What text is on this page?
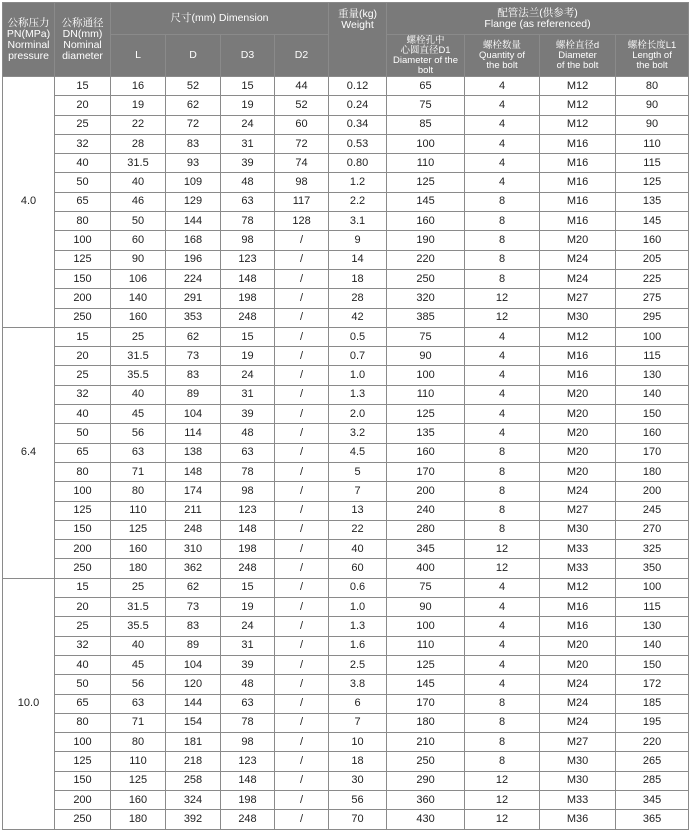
公称压力
PN(MPa)
Norminal
pressure	公称通径
DN(mm)
Nominal
diameter	尺寸(mm) Dimension				重量(kg)
Weight	配管法兰(供参考)
Flange (as referenced)			
		L	D	D3	D2		螺栓孔中
心圆直径D1
Diameter of the bolt	螺栓数量
Quantity of
the bolt	螺栓直径d
Diameter
of the bolt	螺栓长度L1
Length of
the bolt
4.0	15	16	52	15	44	0.12	65	4	M12	80
	20	19	62	19	52	0.24	75	4	M12	90
	25	22	72	24	60	0.34	85	4	M12	90
	32	28	83	31	72	0.53	100	4	M16	110
	40	31.5	93	39	74	0.80	110	4	M16	115
	50	40	109	48	98	1.2	125	4	M16	125
	65	46	129	63	117	2.2	145	8	M16	135
	80	50	144	78	128	3.1	160	8	M16	145
	100	60	168	98	/	9	190	8	M20	160
	125	90	196	123	/	14	220	8	M24	205
	150	106	224	148	/	18	250	8	M24	225
	200	140	291	198	/	28	320	12	M27	275
	250	160	353	248	/	42	385	12	M30	295
6.4	15	25	62	15	/	0.5	75	4	M12	100
	20	31.5	73	19	/	0.7	90	4	M16	115
	25	35.5	83	24	/	1.0	100	4	M16	130
	32	40	89	31	/	1.3	110	4	M20	140
	40	45	104	39	/	2.0	125	4	M20	150
	50	56	114	48	/	3.2	135	4	M20	160
	65	63	138	63	/	4.5	160	8	M20	170
	80	71	148	78	/	5	170	8	M20	180
	100	80	174	98	/	7	200	8	M24	200
	125	110	211	123	/	13	240	8	M27	245
	150	125	248	148	/	22	280	8	M30	270
	200	160	310	198	/	40	345	12	M33	325
	250	180	362	248	/	60	400	12	M33	350
10.0	15	25	62	15	/	0.6	75	4	M12	100
	20	31.5	73	19	/	1.0	90	4	M16	115
	25	35.5	83	24	/	1.3	100	4	M16	130
	32	40	89	31	/	1.6	110	4	M20	140
	40	45	104	39	/	2.5	125	4	M20	150
	50	56	120	48	/	3.8	145	4	M24	172
	65	63	144	63	/	6	170	8	M24	185
	80	71	154	78	/	7	180	8	M24	195
	100	80	181	98	/	10	210	8	M27	220
	125	110	218	123	/	18	250	8	M30	265
	150	125	258	148	/	30	290	12	M30	285
	200	160	324	198	/	56	360	12	M33	345
	250	180	392	248	/	70	430	12	M36	365
